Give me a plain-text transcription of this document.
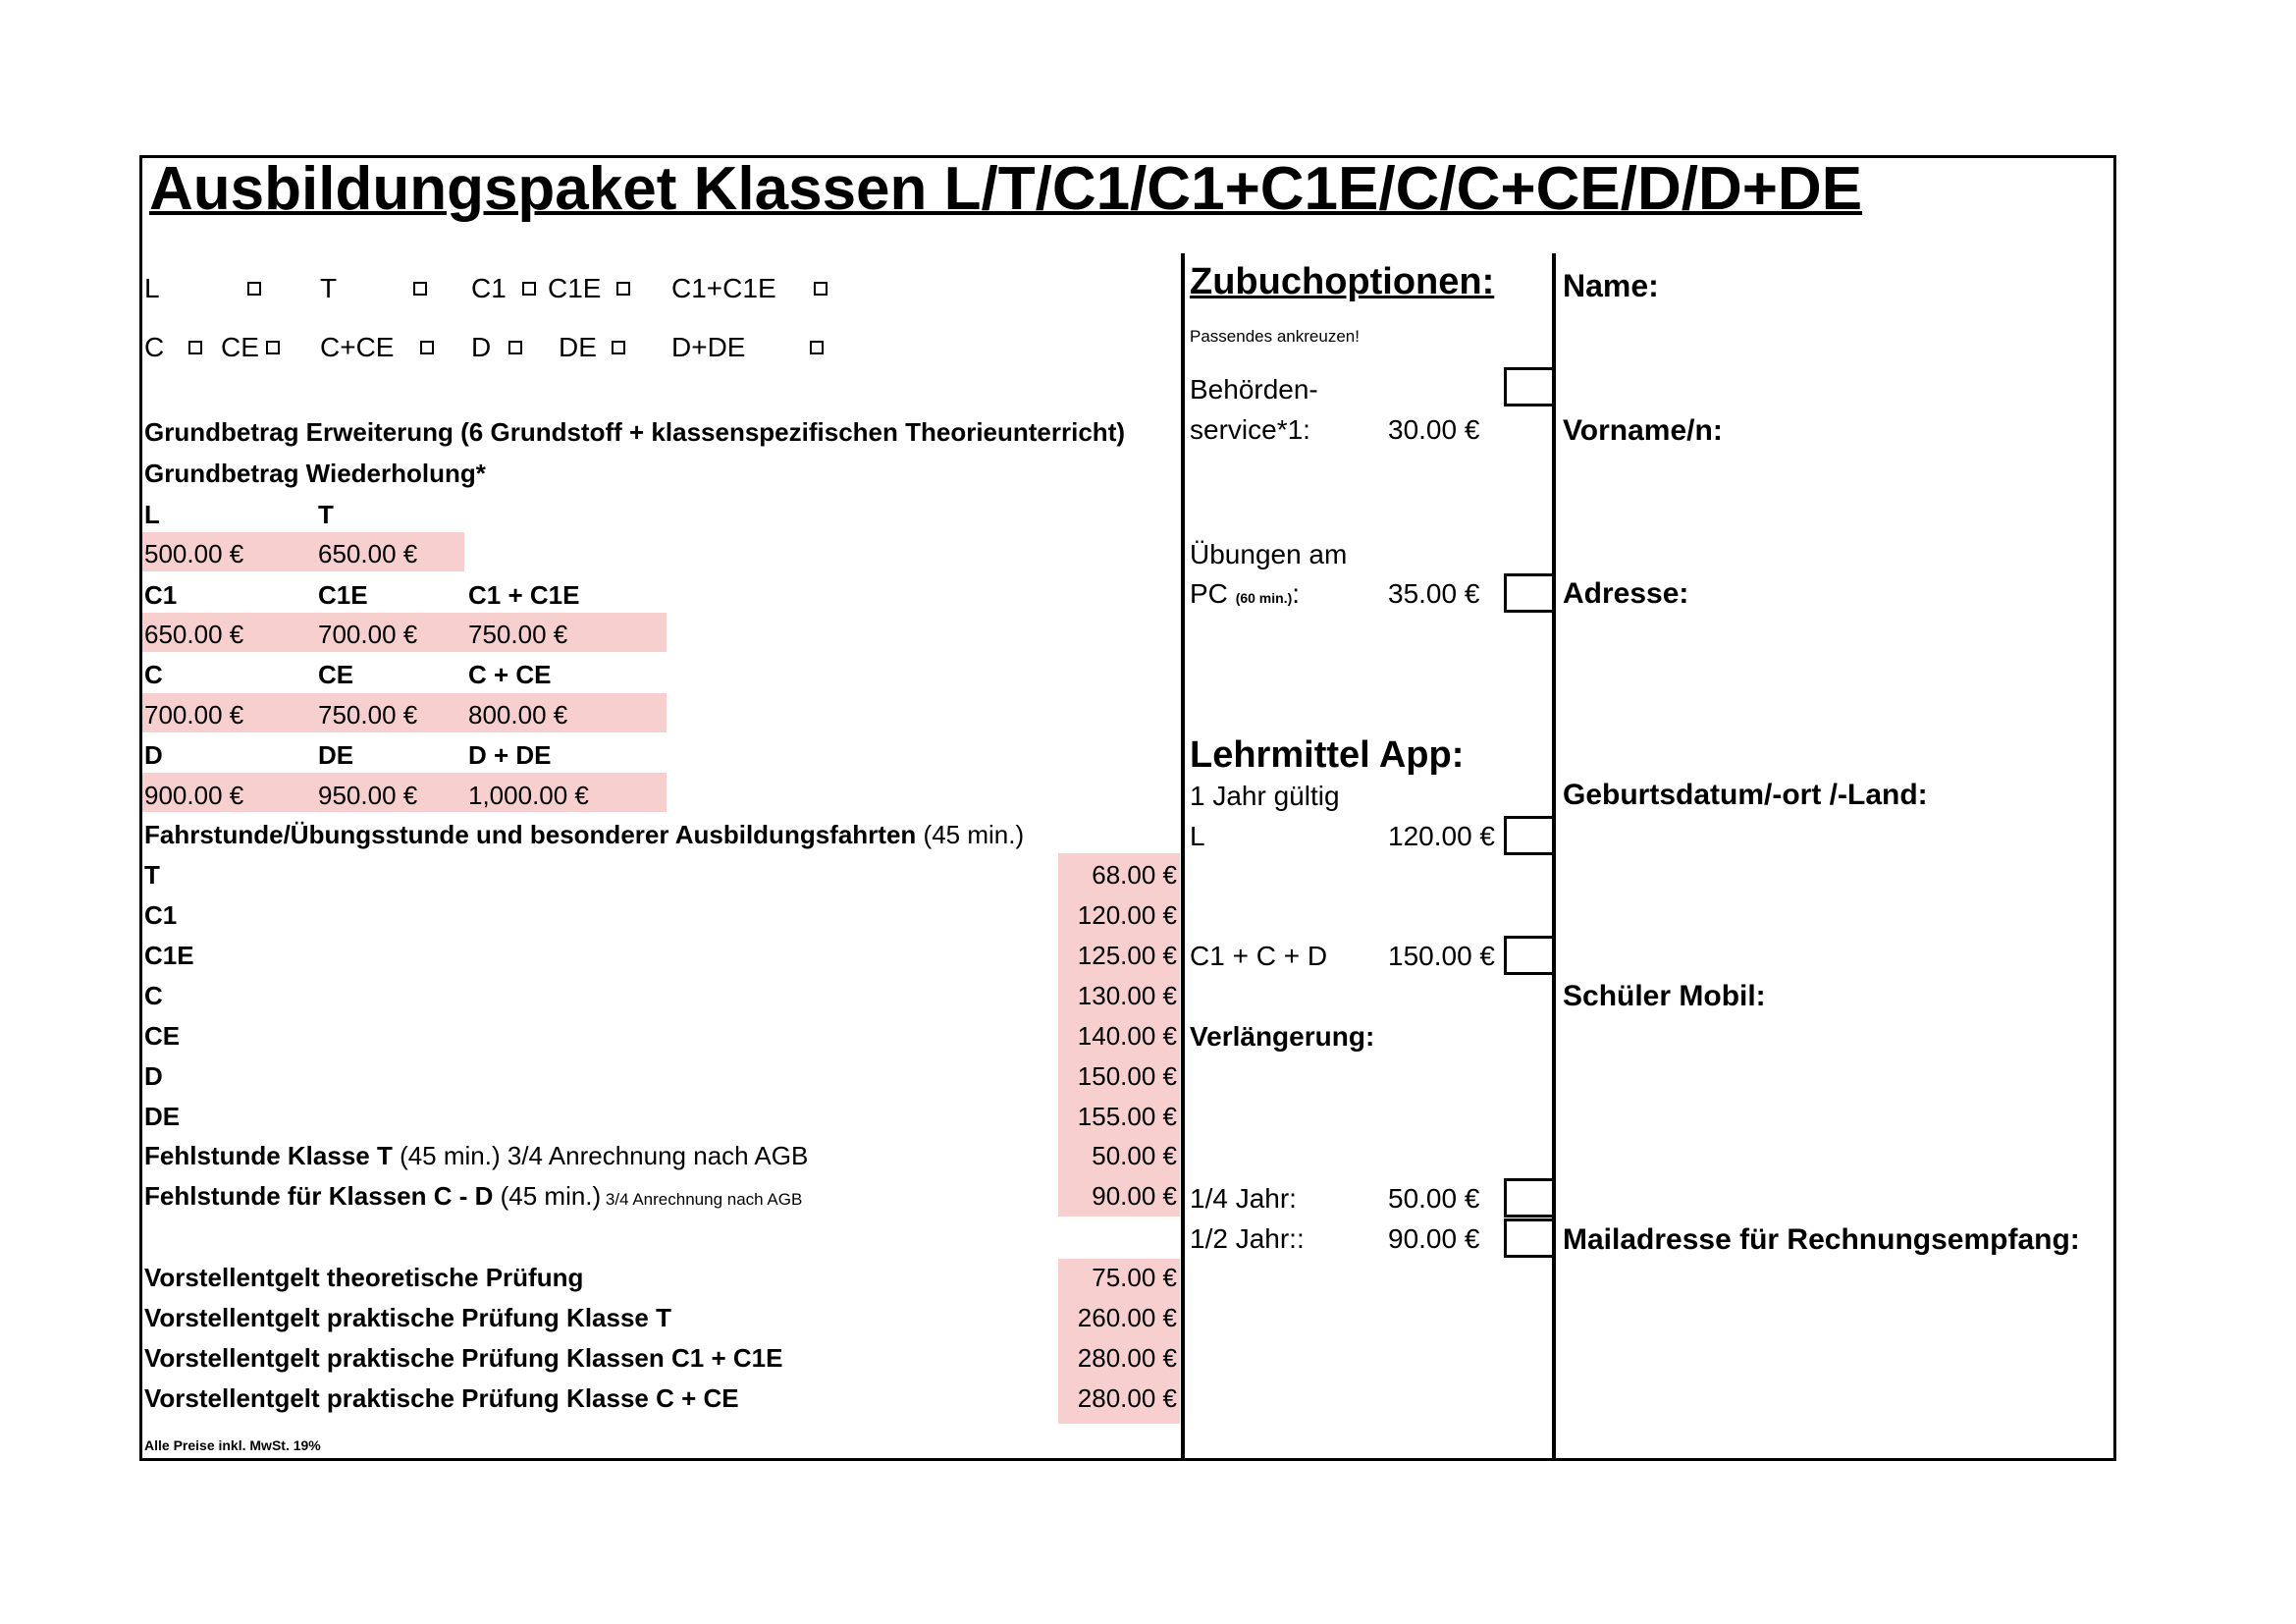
Ausbildungspaket Klassen L/T/C1/C1+C1E/C/C+CE/D/D+DE
L	T	C1 C1E	C1+C1E
C CE C+CE	D DE	D+DE
Grundbetrag Erweiterung (6 Grundstoff + klassenspezifischen Theorieunterricht)
Grundbetrag Wiederholung*
L	T
500.00 €	650.00 €
C1	C1E	C1 + C1E
650.00 €	700.00 € 750.00 €
C	CE	C + CE
700.00 €	750.00 € 800.00 €
D	DE	D + DE
900.00 €	950.00 € 1,000.00 €
Fahrstunde/Übungsstunde und besonderer Ausbildungsfahrten (45 min.)
T	68.00 €
C1	120.00 €
C1E	125.00 €
C	130.00 €
CE	140.00 €
D	150.00 €
DE	155.00 €
Fehlstunde Klasse T (45 min.) 3/4 Anrechnung nach AGB	50.00 €
Fehlstunde für Klassen C - D (45 min.) 3/4 Anrechnung nach AGB	90.00 €
Vorstellentgelt theoretische Prüfung	75.00 €
Vorstellentgelt praktische Prüfung Klasse T	260.00 €
Vorstellentgelt praktische Prüfung Klassen C1 + C1E	280.00 €
Vorstellentgelt praktische Prüfung Klasse C + CE	280.00 €
Alle Preise inkl. MwSt. 19%
Zubuchoptionen:
Passendes ankreuzen!
Behörden-
service*1:	30.00 €
Übungen am
PC (60 min.):	35.00 €
Lehrmittel App:
1 Jahr gültig
L	120.00 €
C1 + C + D 150.00 €
Verlängerung:
1/4 Jahr:	50.00 €
1/2 Jahr::	90.00 €
Name:
Vorname/n:
Adresse:
Geburtsdatum/-ort /-Land:
Schüler Mobil:
Mailadresse für Rechnungsempfang:
